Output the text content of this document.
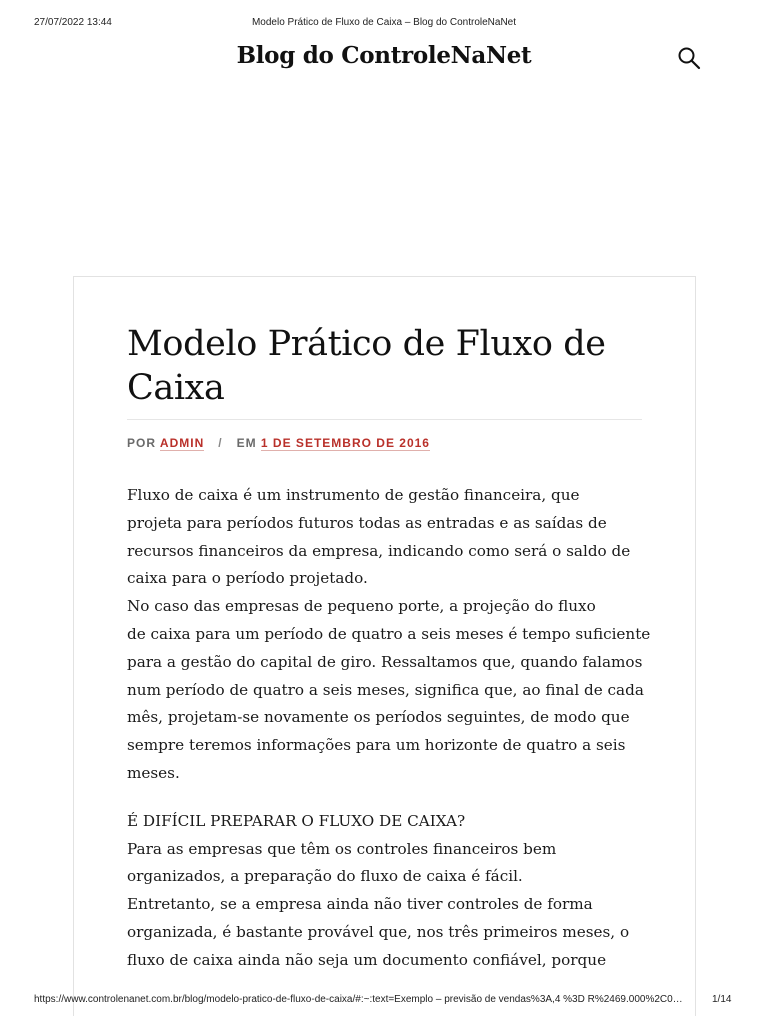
27/07/2022 13:44	Modelo Prático de Fluxo de Caixa – Blog do ControleNaNet
Blog do ControleNaNet
Modelo Prático de Fluxo de
Caixa
POR ADMIN / EM 1 DE SETEMBRO DE 2016
Fluxo de caixa é um instrumento de gestão financeira, que
projeta para períodos futuros todas as entradas e as saídas de
recursos financeiros da empresa, indicando como será o saldo de
caixa para o período projetado.
No caso das empresas de pequeno porte, a projeção do fluxo
de caixa para um período de quatro a seis meses é tempo suficiente
para a gestão do capital de giro. Ressaltamos que, quando falamos
num período de quatro a seis meses, significa que, ao final de cada
mês, projetam-se novamente os períodos seguintes, de modo que
sempre teremos informações para um horizonte de quatro a seis
meses.
É DIFÍCIL PREPARAR O FLUXO DE CAIXA?
Para as empresas que têm os controles financeiros bem
organizados, a preparação do fluxo de caixa é fácil.
Entretanto, se a empresa ainda não tiver controles de forma
organizada, é bastante provável que, nos três primeiros meses, o
fluxo de caixa ainda não seja um documento confiável, porque
https://www.controlenanet.com.br/blog/modelo-pratico-de-fluxo-de-caixa/#:~:text=Exemplo – previsão de vendas%3A,4 %3D R%2469.000%2C0…	1/14
